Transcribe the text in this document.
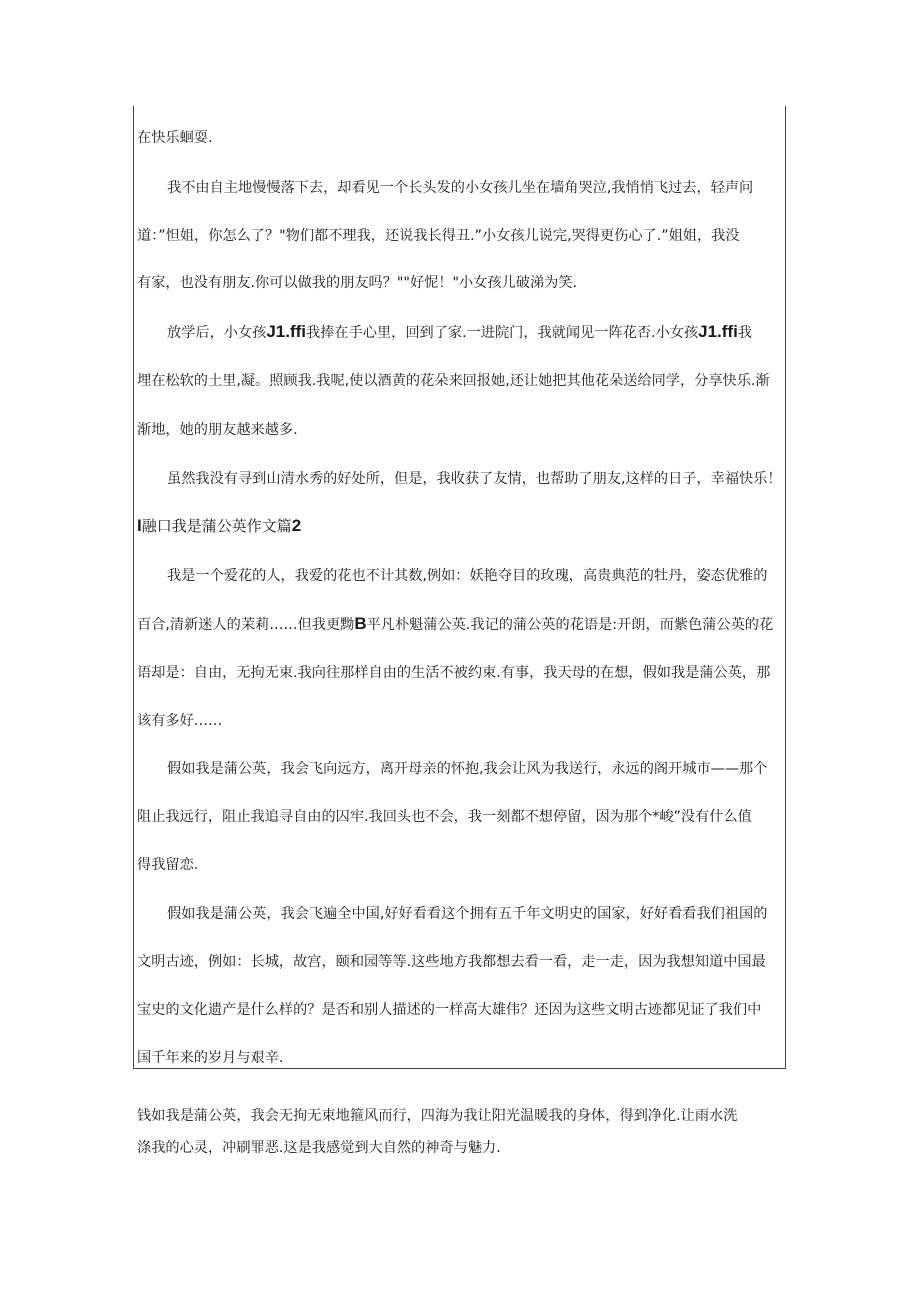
在快乐蛔耍.
我不由自主地慢慢落下去，却看见一个长头发的小女孩儿坐在墙角哭泣,我悄悄飞过去，轻声问
道：”怛姐，你怎么了？"物们都不理我，还说我长得丑.”小女孩儿说完,哭得更伤心了.”姐姐，我没
有家，也没有朋友.你可以做我的朋友吗？""好怩！"小女孩儿破涕为笑.
放学后，小女孩J1.ffi我捧在手心里，回到了家.一进院门，我就闻见一阵花否.小女孩J1.ffi我
埋在松软的土里,凝。照顾我.我呢,使以酒黄的花朵来回报她,还让她把其他花朵送给同学，分享快乐.渐
渐地，她的朋友越来越多.
虽然我没有寻到山清水秀的好处所，但是，我收获了友情，也帮助了朋友,这样的日子，幸福快乐！
I融口我是蒲公英作文篇2
我是一个爱花的人，我爱的花也不计其数,例如：妖艳夺目的玫瑰，高贵典范的牡丹，姿态优雅的
百合,清新迷人的茉莉……但我更黝B平凡朴魁蒲公英.我记的蒲公英的花语是:开朗，而紫色蒲公英的花
语却是：自由，无拘无束.我向往那样自由的生活不被约束.有事，我天母的在想，假如我是蒲公英，那
该有多好……
假如我是蒲公英，我会飞向远方，离开母亲的怀抱,我会让风为我送行，永远的阁开城市——那个
阻止我远行，阻止我追寻自由的囚牢.我回头也不会，我一刻都不想停留，因为那个*峻”没有什么值
得我留恋.
假如我是蒲公英，我会飞遍全中国,好好看看这个拥有五千年文明史的国家，好好看看我们祖国的
文明古迹，例如：长城，故宫，颐和园等等.这些地方我都想去看一看，走一走，因为我想知道中国最
宝史的文化遗产是什么样的？是否和别人描述的一样高大雄伟？还因为这些文明古迹都见证了我们中
国千年来的岁月与艰辛.
钱如我是蒲公英，我会无拘无束地箍风而行，四海为我让阳光温暖我的身体，得到净化.让雨水洗
涤我的心灵，冲刷罪恶.这是我感觉到大自然的神奇与魅力.
